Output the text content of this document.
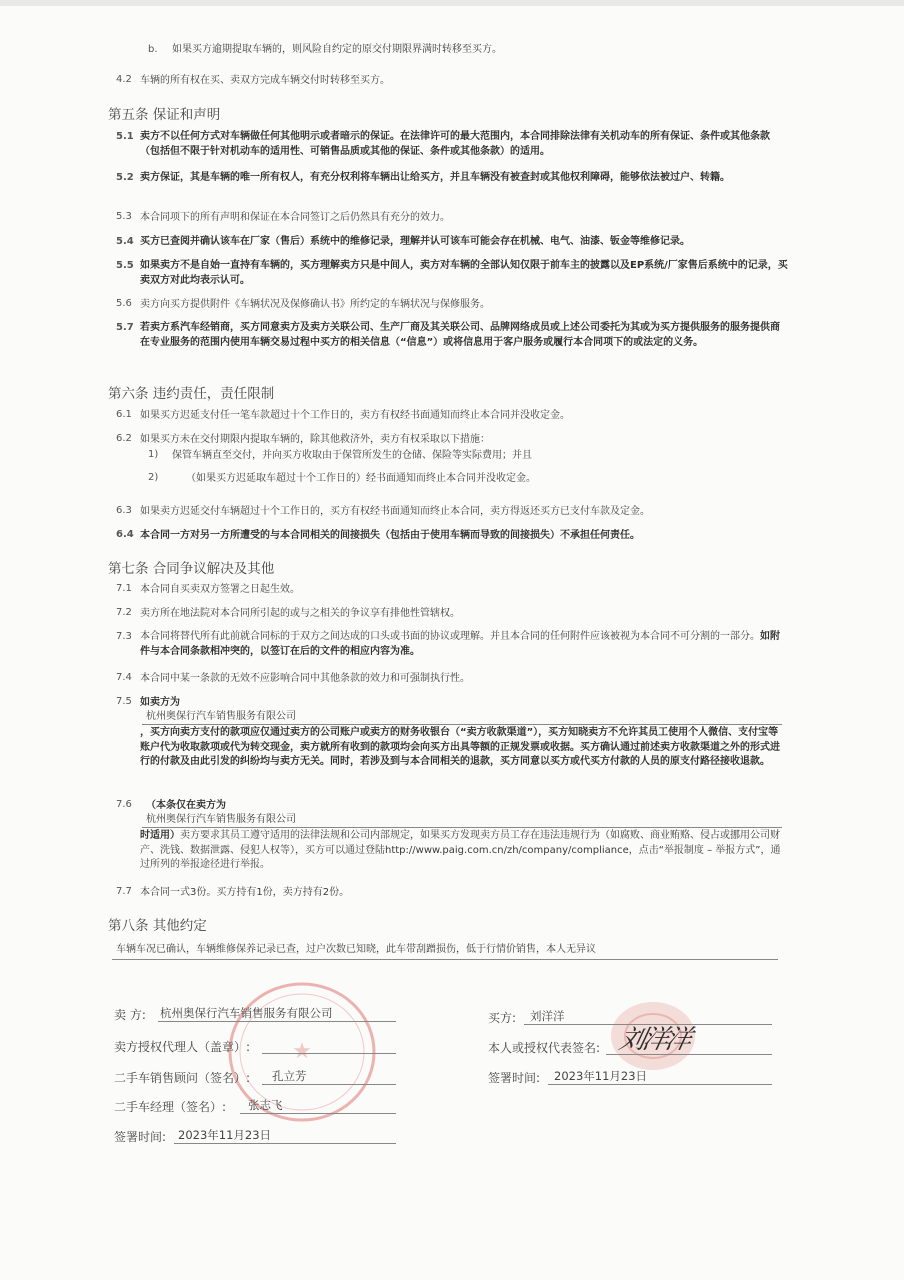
b. 如果买方逾期提取车辆的，则风险自约定的原交付期限界满时转移至买方。
4.2 车辆的所有权在买、卖双方完成车辆交付时转移至买方。
第五条 保证和声明
5.1 卖方不以任何方式对车辆做任何其他明示或者暗示的保证。在法律许可的最大范围内，本合同排除法律有关机动车的所有保证、条件或其他条款（包括但不限于针对机动车的适用性、可销售品质或其他的保证、条件或其他条款）的适用。
5.2 卖方保证，其是车辆的唯一所有权人，有充分权利将车辆出让给买方，并且车辆没有被查封或其他权利障碍，能够依法被过户、转籍。
5.3 本合同项下的所有声明和保证在本合同签订之后仍然具有充分的效力。
5.4 买方已查阅并确认该车在厂家（售后）系统中的维修记录，理解并认可该车可能会存在机械、电气、油漆、钣金等维修记录。
5.5 如果卖方不是自始一直持有车辆的，买方理解卖方只是中间人，卖方对车辆的全部认知仅限于前车主的披露以及EP系统/厂家售后系统中的记录，买卖双方对此均表示认可。
5.6 卖方向买方提供附件《车辆状况及保修确认书》所约定的车辆状况与保修服务。
5.7 若卖方系汽车经销商，买方同意卖方及卖方关联公司、生产厂商及其关联公司、品牌网络成员或上述公司委托为其或为买方提供服务的服务提供商在专业服务的范围内使用车辆交易过程中买方的相关信息（“信息”）或将信息用于客户服务或履行本合同项下的或法定的义务。
第六条 违约责任，责任限制
6.1 如果买方迟延支付任一笔车款超过十个工作日的，卖方有权经书面通知而终止本合同并没收定金。
6.2 如果买方未在交付期限内提取车辆的，除其他救济外，卖方有权采取以下措施：
1) 保管车辆直至交付，并向买方收取由于保管所发生的仓储、保险等实际费用；并且
2)	（如果买方迟延取车超过十个工作日的）经书面通知而终止本合同并没收定金。
6.3 如果卖方迟延交付车辆超过十个工作日的，买方有权经书面通知而终止本合同，卖方得返还买方已支付车款及定金。
6.4 本合同一方对另一方所遭受的与本合同相关的间接损失（包括由于使用车辆而导致的间接损失）不承担任何责任。
第七条 合同争议解决及其他
7.1 本合同自买卖双方签署之日起生效。
7.2 卖方所在地法院对本合同所引起的或与之相关的争议享有排他性管辖权。
7.3 本合同将替代所有此前就合同标的于双方之间达成的口头或书面的协议或理解。并且本合同的任何附件应该被视为本合同不可分割的一部分。如附件与本合同条款相冲突的，以签订在后的文件的相应内容为准。
7.4 本合同中某一条款的无效不应影响合同中其他条款的效力和可强制执行性。
7.5 如卖方为
杭州奥保行汽车销售服务有限公司
，买方向卖方支付的款项应仅通过卖方的公司账户或卖方的财务收银台（“卖方收款渠道”），买方知晓卖方不允许其员工使用个人微信、支付宝等账户代为收取款项或代为转交现金，卖方就所有收到的款项均会向买方出具等额的正规发票或收据。买方确认通过前述卖方收款渠道之外的形式进行的付款及由此引发的纠纷均与卖方无关。同时，若涉及到与本合同相关的退款，买方同意以买方或代买方付款的人员的原支付路径接收退款。
7.6 （本条仅在卖方为
杭州奥保行汽车销售服务有限公司
时适用）卖方要求其员工遵守适用的法律法规和公司内部规定，如果买方发现卖方员工存在违法违规行为（如腐败、商业贿赂、侵占或挪用公司财产、洗钱、数据泄露、侵犯人权等），买方可以通过登陆http://www.paig.com.cn/zh/company/compliance，点击“举报制度 – 举报方式”，通过所列的举报途径进行举报。
7.7 本合同一式3份。买方持有1份，卖方持有2份。
第八条 其他约定
车辆车况已确认，车辆维修保养记录已查，过户次数已知晓，此车带刮蹭损伤，低于行情价销售，本人无异议
★
卖 方: 杭州奥保行汽车销售服务有限公司
卖方授权代理人（盖章）:
二手车销售顾问（签名）: 孔立芳
二手车经理（签名）: 张志飞
签署时间: 2023年11月23日
买方: 刘洋洋
本人或授权代表签名: 刘洋洋
签署时间: 2023年11月23日
